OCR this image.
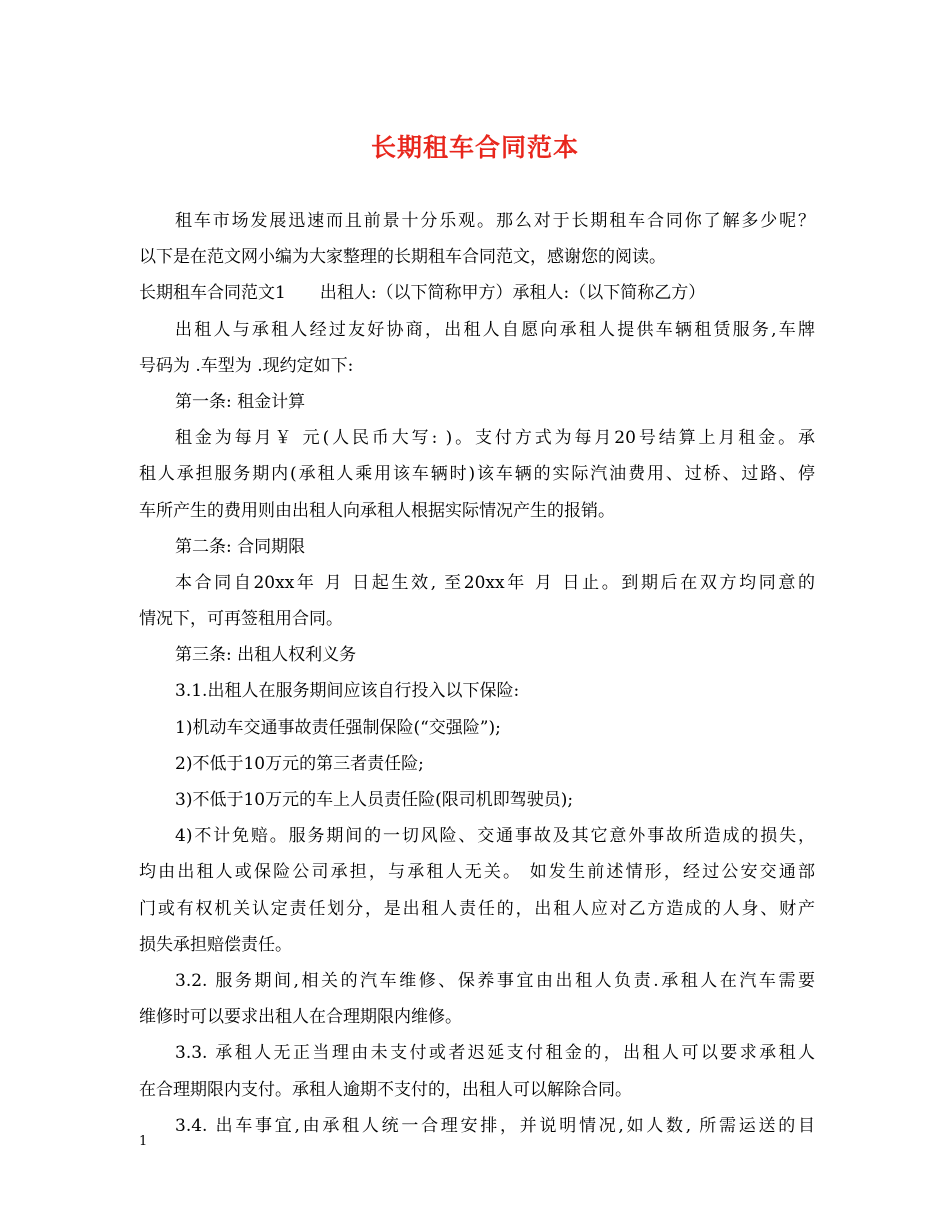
长期租车合同范本
租车市场发展迅速而且前景十分乐观。那么对于长期租车合同你了解多少呢？
以下是在范文网小编为大家整理的长期租车合同范文，感谢您的阅读。
长期租车合同范文1　　出租人:（以下简称甲方）承租人:（以下简称乙方）
出租人与承租人经过友好协商，出租人自愿向承租人提供车辆租赁服务,车牌
号码为 .车型为 .现约定如下:
第一条: 租金计算
租金为每月￥ 元(人民币大写: )。支付方式为每月20号结算上月租金。承
租人承担服务期内(承租人乘用该车辆时)该车辆的实际汽油费用、过桥、过路、停
车所产生的费用则由出租人向承租人根据实际情况产生的报销。
第二条: 合同期限
本合同自20xx年 月 日起生效, 至20xx年 月 日止。到期后在双方均同意的
情况下，可再签租用合同。
第三条: 出租人权利义务
3.1.出租人在服务期间应该自行投入以下保险:
1)机动车交通事故责任强制保险(“交强险”);
2)不低于10万元的第三者责任险;
3)不低于10万元的车上人员责任险(限司机即驾驶员);
4)不计免赔。服务期间的一切风险、交通事故及其它意外事故所造成的损失，
均由出租人或保险公司承担，与承租人无关。 如发生前述情形，经过公安交通部
门或有权机关认定责任划分，是出租人责任的，出租人应对乙方造成的人身、财产
损失承担赔偿责任。
3.2. 服务期间,相关的汽车维修、保养事宜由出租人负责.承租人在汽车需要
维修时可以要求出租人在合理期限内维修。
3.3. 承租人无正当理由未支付或者迟延支付租金的，出租人可以要求承租人
在合理期限内支付。承租人逾期不支付的，出租人可以解除合同。
3.4. 出车事宜,由承租人统一合理安排，并说明情况,如人数, 所需运送的目
1
